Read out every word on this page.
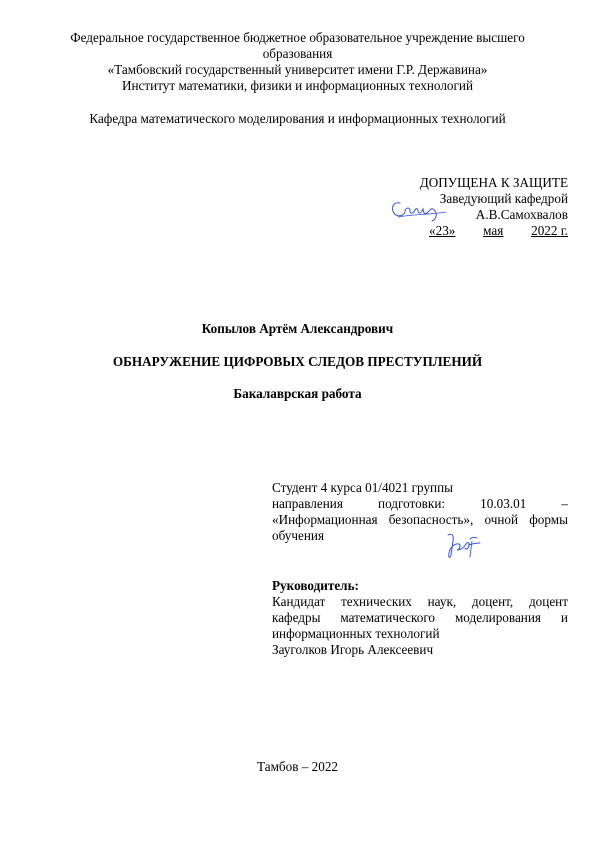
Федеральное государственное бюджетное образовательное учреждение высшего
образования
«Тамбовский государственный университет имени Г.Р. Державина»
Институт математики, физики и информационных технологий
Кафедра математического моделирования и информационных технологий
ДОПУЩЕНА К ЗАЩИТЕ
Заведующий кафедрой
А.В.Самохвалов
«23» мая 2022 г.
Копылов Артём Александрович
ОБНАРУЖЕНИЕ ЦИФРОВЫХ СЛЕДОВ ПРЕСТУПЛЕНИЙ
Бакалаврская работа
Студент 4 курса 01/4021 группы
направления	подготовки:	10.03.01	–
«Информационная безопасность», очной формы
обучения
Руководитель:
Кандидат технических наук, доцент, доцент
кафедры математического моделирования и
информационных технологий
Зауголков Игорь Алексеевич
Тамбов – 2022
